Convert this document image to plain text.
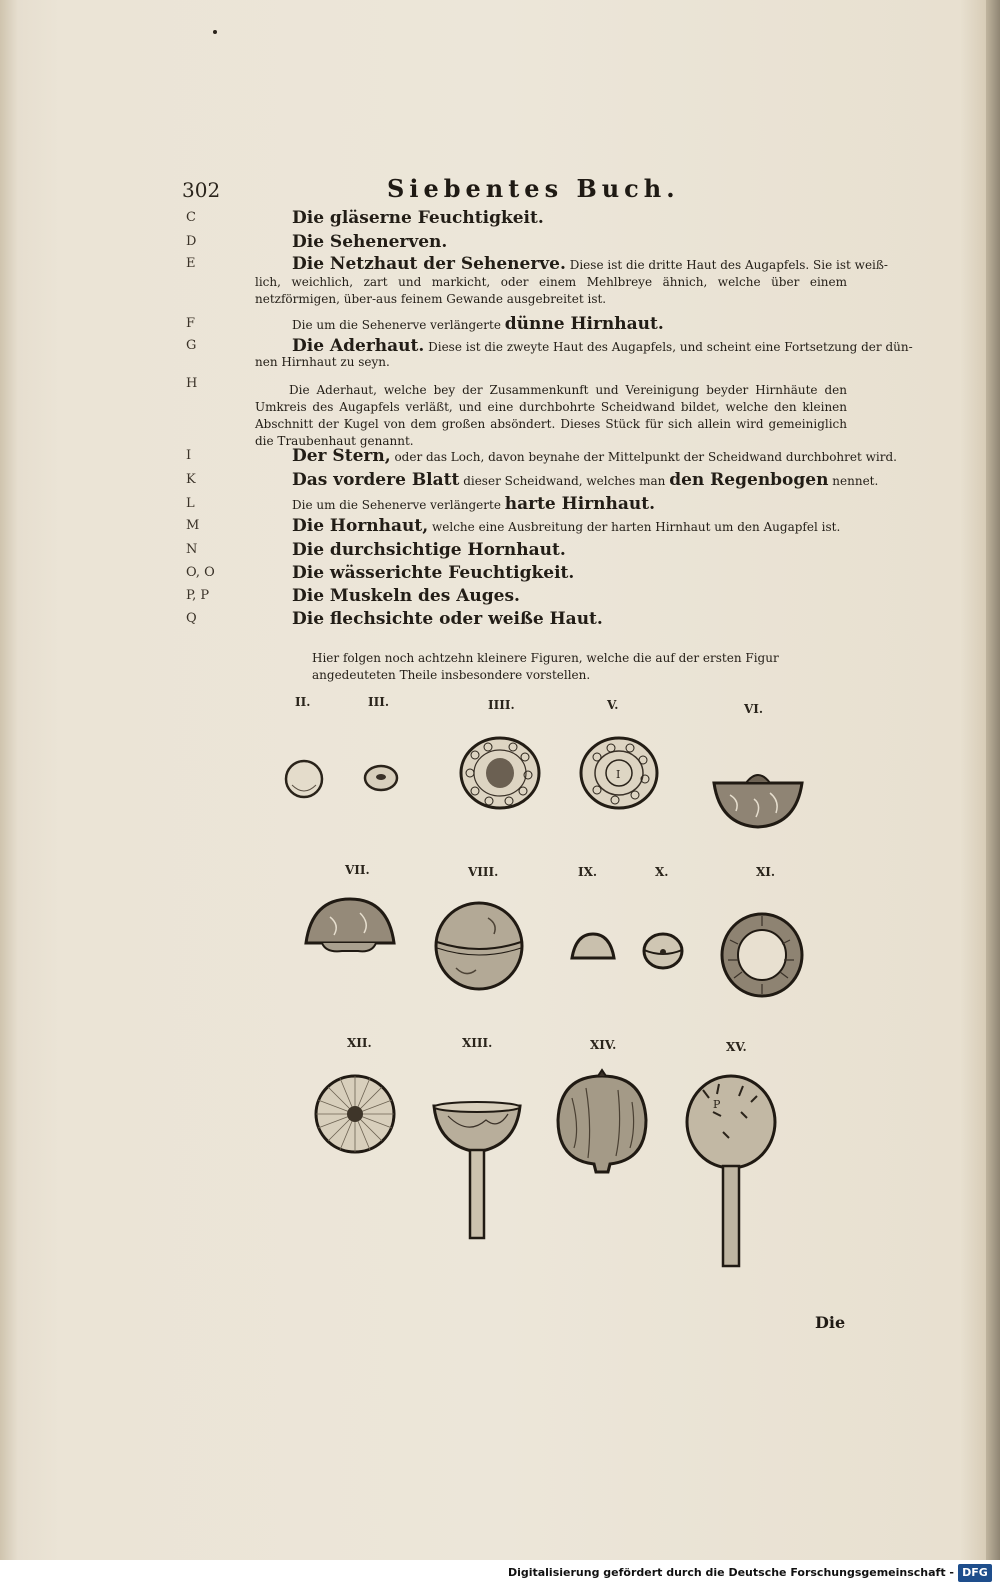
302	Siebentes Buch.
C	Die gläserne Feuchtigkeit.
D	Die Sehenerven.
E	Die Netzhaut der Sehenerve. Diese ist die dritte Haut des Augapfels. Sie ist weiß-
lich, weichlich, zart und markicht, oder einem Mehlbreye ähnich, welche über einem netzförmigen, über-aus feinem Gewande ausgebreitet ist.
F	Die um die Sehenerve verlängerte dünne Hirnhaut.
G	Die Aderhaut. Diese ist die zweyte Haut des Augapfels, und scheint eine Fortsetzung der dün-
nen Hirnhaut zu seyn.
H	Die Aderhaut, welche bey der Zusammenkunft und Vereinigung beyder Hirnhäute den Umkreis des Augapfels verläßt, und eine durchbohrte Scheidwand bildet, welche den kleinen Abschnitt der Kugel von dem großen absöndert. Dieses Stück für sich allein wird gemeiniglich die Traubenhaut genannt.
I	Der Stern, oder das Loch, davon beynahe der Mittelpunkt der Scheidwand durchbohret wird.
K	Das vordere Blatt dieser Scheidwand, welches man den Regenbogen nennet.
L	Die um die Sehenerve verlängerte harte Hirnhaut.
M	Die Hornhaut, welche eine Ausbreitung der harten Hirnhaut um den Augapfel ist.
N	Die durchsichtige Hornhaut.
O, O	Die wässerichte Feuchtigkeit.
P, P	Die Muskeln des Auges.
Q	Die flechsichte oder weiße Haut.
Hier folgen noch achtzehn kleinere Figuren, welche die auf der ersten Figur angedeuteten Theile insbesondere vorstellen.
II.	III.	IIII.	V.	VI.
VII.	VIII.	IX.	X.	XI.
XII.	XIII.	XIV.	XV.
I
P
Die
Digitalisierung gefördert durch die Deutsche Forschungsgemeinschaft - DFG
